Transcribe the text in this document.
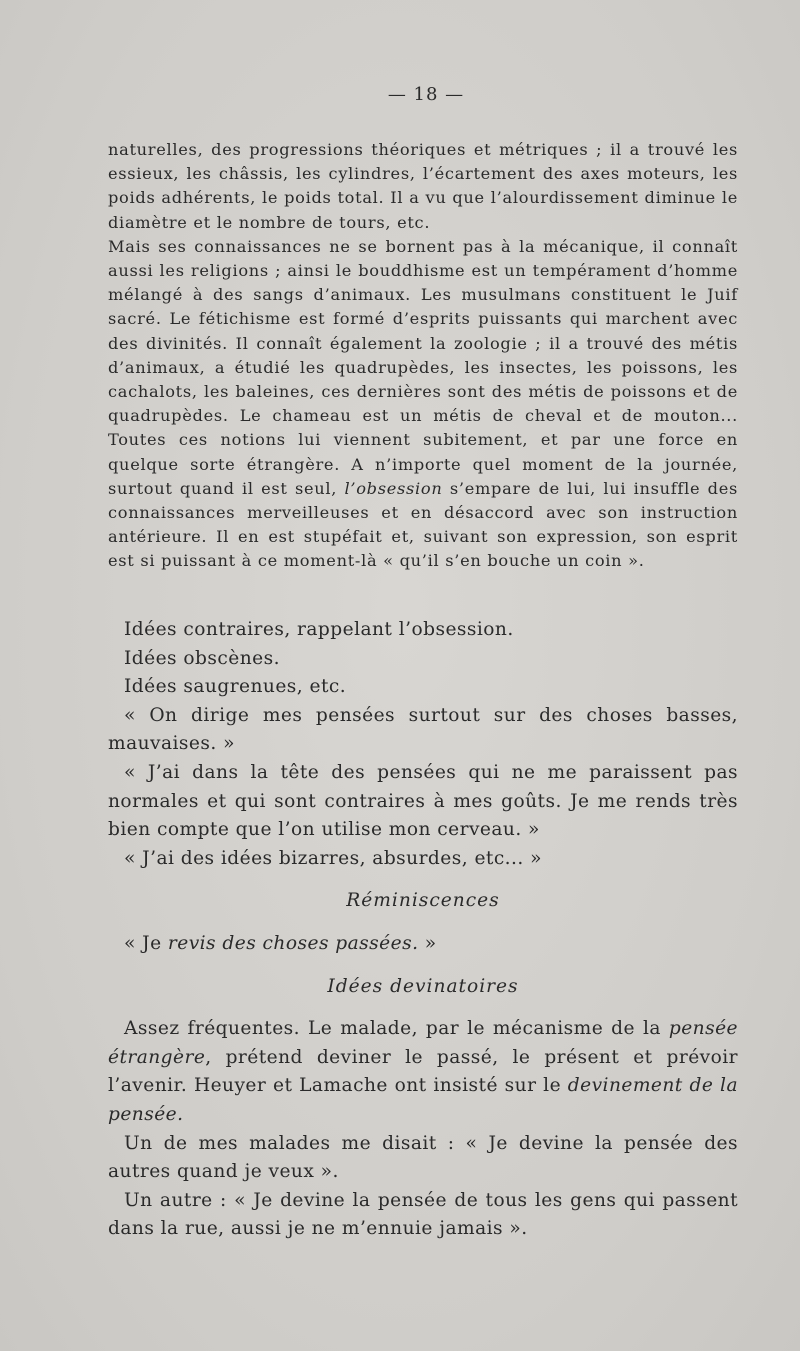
— 18 —

naturelles, des progressions théoriques et métriques ; il a trouvé les essieux, les châssis, les cylindres, l’écartement des axes moteurs, les poids adhérents, le poids total. Il a vu que l’alourdissement diminue le diamètre et le nombre de tours, etc.

Mais ses connaissances ne se bornent pas à la mécanique, il connaît aussi les religions ; ainsi le bouddhisme est un tempérament d’homme mélangé à des sangs d’animaux. Les musulmans constituent le Juif sacré. Le fétichisme est formé d’esprits puissants qui marchent avec des divinités. Il connaît également la zoologie ; il a trouvé des métis d’animaux, a étudié les quadrupèdes, les insectes, les poissons, les cachalots, les baleines, ces dernières sont des métis de poissons et de quadrupèdes. Le chameau est un métis de cheval et de mouton... Toutes ces notions lui viennent subitement, et par une force en quelque sorte étrangère. A n’importe quel moment de la journée, surtout quand il est seul, l’obsession s’empare de lui, lui insuffle des connaissances merveilleuses et en désaccord avec son instruction antérieure. Il en est stupéfait et, suivant son expression, son esprit est si puissant à ce moment-là « qu’il s’en bouche un coin ».

Idées contraires, rappelant l’obsession.

Idées obscènes.

Idées saugrenues, etc.

« On dirige mes pensées surtout sur des choses basses, mauvaises. »

« J’ai dans la tête des pensées qui ne me paraissent pas normales et qui sont contraires à mes goûts. Je me rends très bien compte que l’on utilise mon cerveau. »

« J’ai des idées bizarres, absurdes, etc... »

Réminiscences

« Je revis des choses passées. »

Idées devinatoires

Assez fréquentes. Le malade, par le mécanisme de la pensée étrangère, prétend deviner le passé, le présent et prévoir l’avenir. Heuyer et Lamache ont insisté sur le devinement de la pensée.

Un de mes malades me disait : « Je devine la pensée des autres quand je veux ».

Un autre : « Je devine la pensée de tous les gens qui passent dans la rue, aussi je ne m’ennuie jamais ».
